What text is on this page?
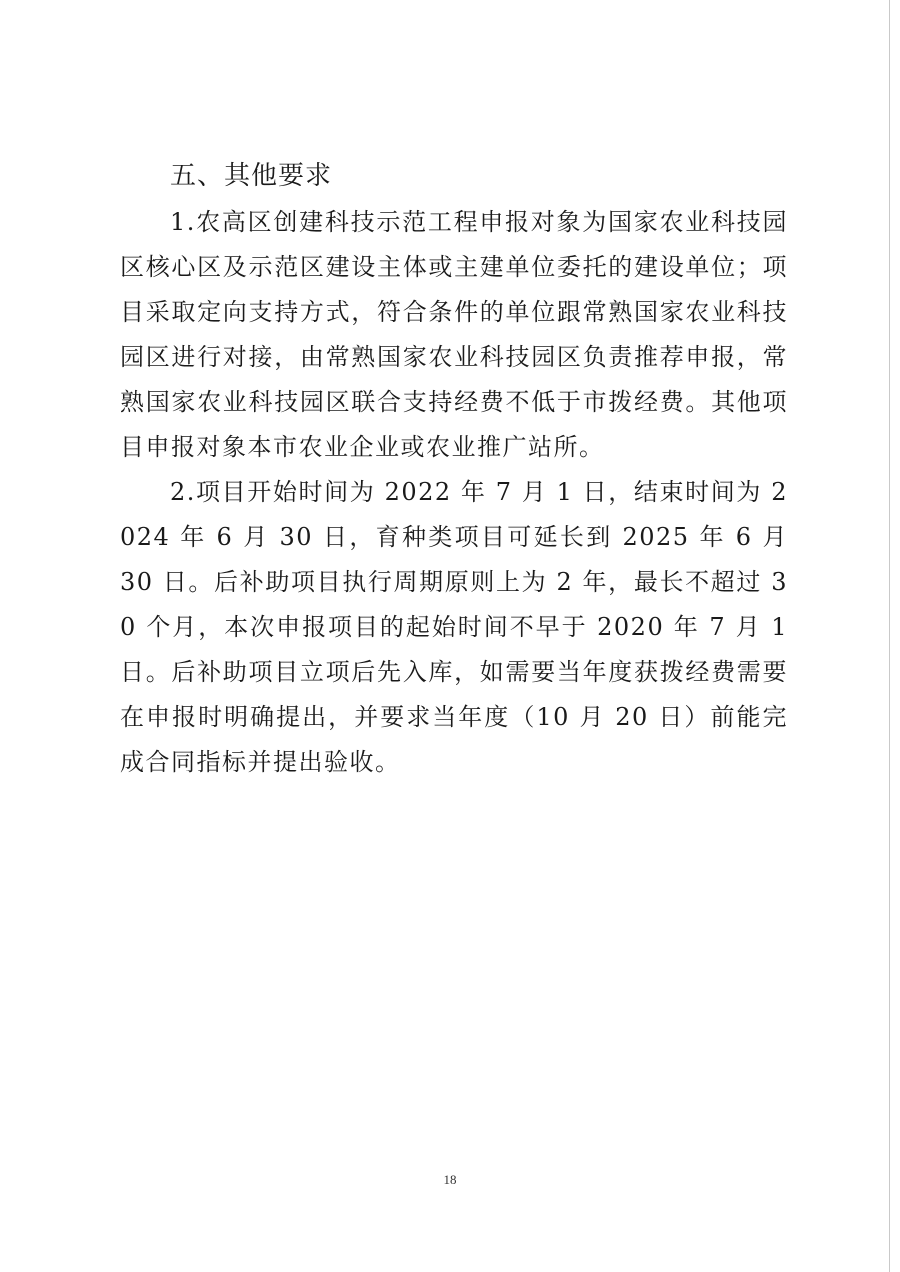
五、其他要求

1.农高区创建科技示范工程申报对象为国家农业科技园区核心区及示范区建设主体或主建单位委托的建设单位；项目采取定向支持方式，符合条件的单位跟常熟国家农业科技园区进行对接，由常熟国家农业科技园区负责推荐申报，常熟国家农业科技园区联合支持经费不低于市拨经费。其他项目申报对象本市农业企业或农业推广站所。

2.项目开始时间为 2022 年 7 月 1 日，结束时间为 2024 年 6 月 30 日，育种类项目可延长到 2025 年 6 月 30 日。后补助项目执行周期原则上为 2 年，最长不超过 30 个月，本次申报项目的起始时间不早于 2020 年 7 月 1 日。后补助项目立项后先入库，如需要当年度获拨经费需要在申报时明确提出，并要求当年度（10 月 20 日）前能完成合同指标并提出验收。

18
